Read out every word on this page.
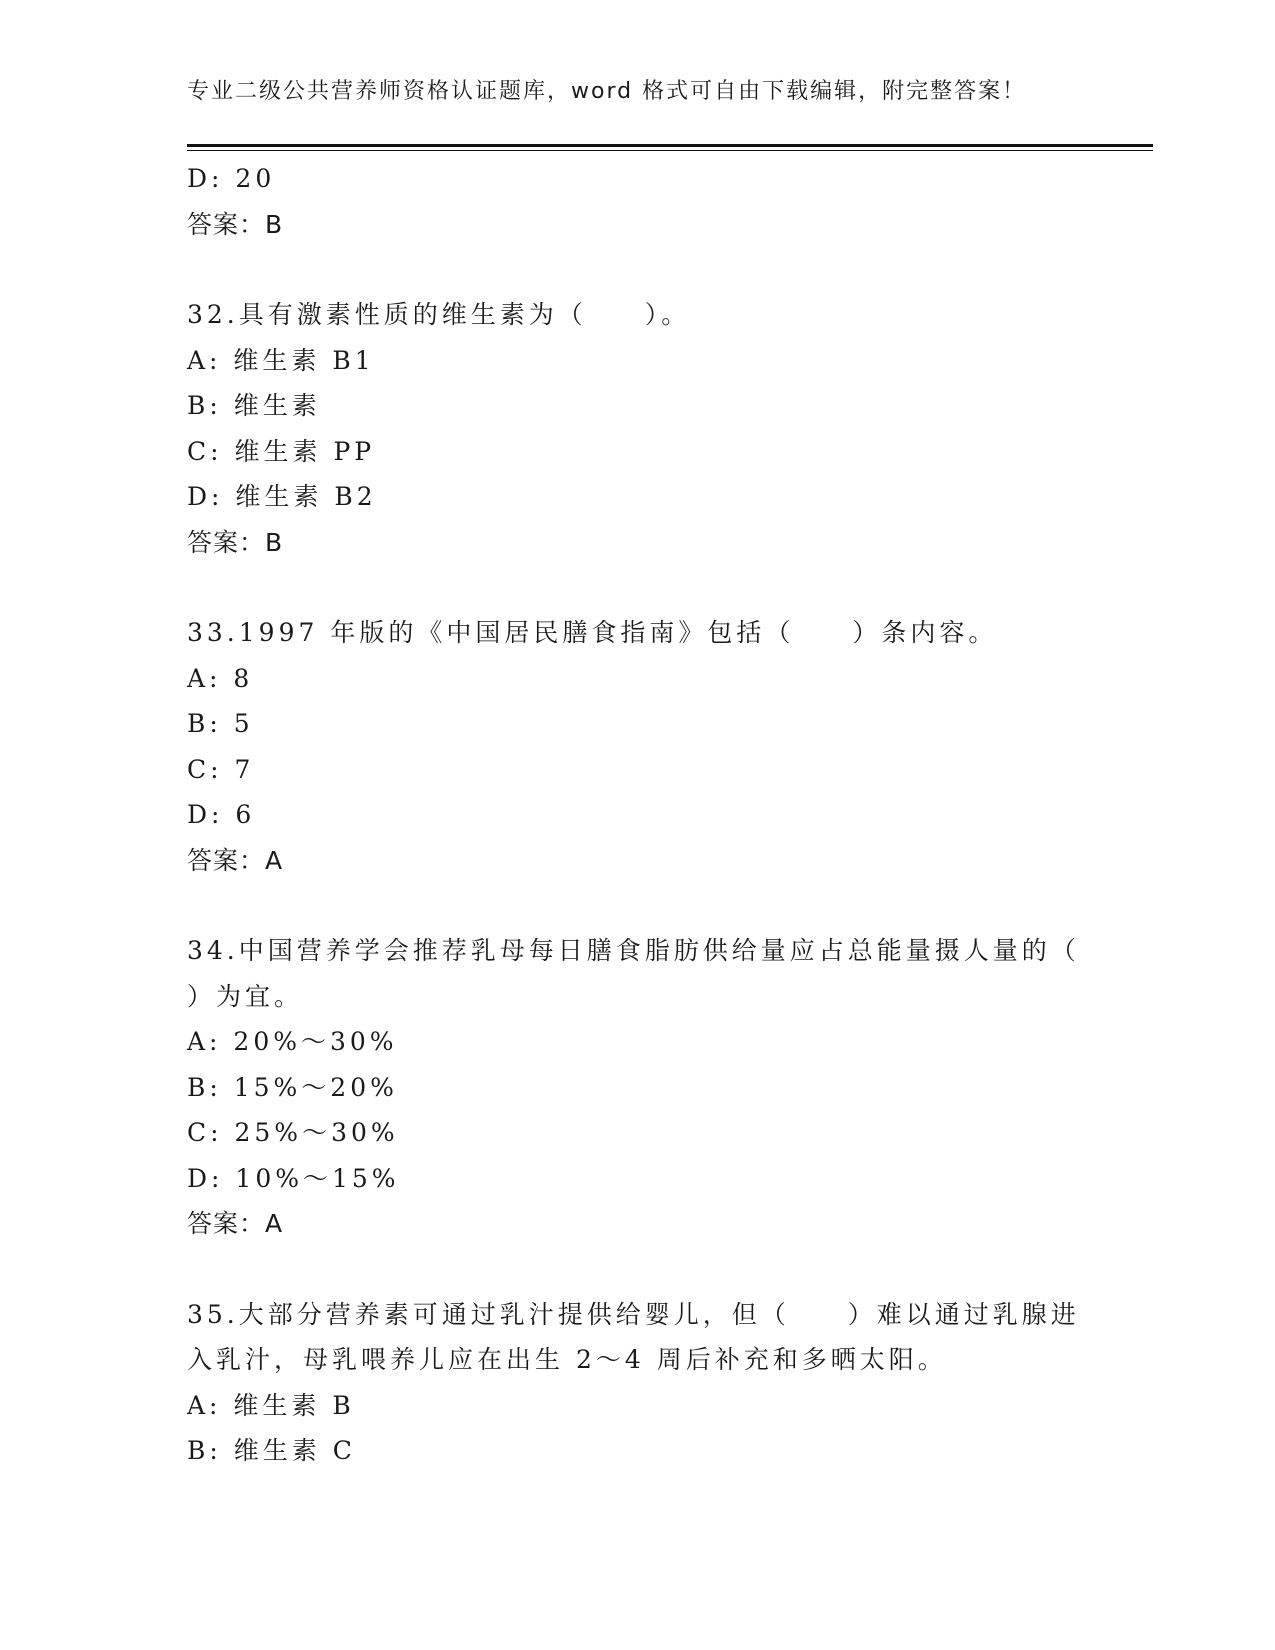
专业二级公共营养师资格认证题库，word 格式可自由下载编辑，附完整答案！
D: 20
答案：B
32.具有激素性质的维生素为（　　）。
A: 维生素 B1
B: 维生素
C: 维生素 PP
D: 维生素 B2
答案：B
33.1997 年版的《中国居民膳食指南》包括（　　）条内容。
A: 8
B: 5
C: 7
D: 6
答案：A
34.中国营养学会推荐乳母每日膳食脂肪供给量应占总能量摄人量的（
）为宜。
A: 20%～30%
B: 15%～20%
C: 25%～30%
D: 10%～15%
答案：A
35.大部分营养素可通过乳汁提供给婴儿，但（　　）难以通过乳腺进
入乳汁，母乳喂养儿应在出生 2～4 周后补充和多晒太阳。
A: 维生素 B
B: 维生素 C
